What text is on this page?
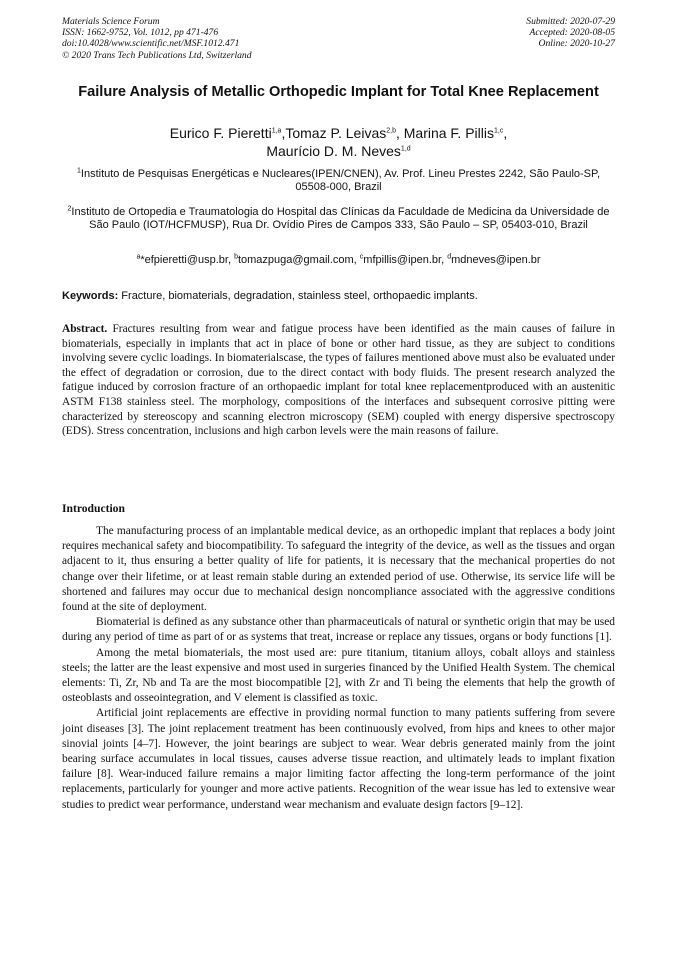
Materials Science Forum
ISSN: 1662-9752, Vol. 1012, pp 471-476
doi:10.4028/www.scientific.net/MSF.1012.471
© 2020 Trans Tech Publications Ltd, Switzerland
Submitted: 2020-07-29
Accepted: 2020-08-05
Online: 2020-10-27
Failure Analysis of Metallic Orthopedic Implant for Total Knee Replacement
Eurico F. Pieretti$^{1,a}$,Tomaz P. Leivas$^{2,b}$, Marina F. Pillis$^{1,c}$,
Maurício D. M. Neves$^{1,d}$
$^1$Instituto de Pesquisas Energéticas e Nucleares(IPEN/CNEN), Av. Prof. Lineu Prestes 2242, São Paulo-SP, 05508-000, Brazil
$^2$Instituto de Ortopedia e Traumatologia do Hospital das Clínicas da Faculdade de Medicina da Universidade de São Paulo (IOT/HCFMUSP), Rua Dr. Ovídio Pires de Campos 333, São Paulo – SP, 05403-010, Brazil
$^a$*efpieretti@usp.br, $^b$tomazpuga@gmail.com, $^c$mfpillis@ipen.br, $^d$mdneves@ipen.br
Keywords: Fracture, biomaterials, degradation, stainless steel, orthopaedic implants.

Abstract. Fractures resulting from wear and fatigue process have been identified as the main causes of failure in biomaterials, especially in implants that act in place of bone or other hard tissue, as they are subject to conditions involving severe cyclic loadings. In biomaterialscase, the types of failures mentioned above must also be evaluated under the effect of degradation or corrosion, due to the direct contact with body fluids. The present research analyzed the fatigue induced by corrosion fracture of an orthopaedic implant for total knee replacementproduced with an austenitic ASTM F138 stainless steel. The morphology, compositions of the interfaces and subsequent corrosive pitting were characterized by stereoscopy and scanning electron microscopy (SEM) coupled with energy dispersive spectroscopy (EDS). Stress concentration, inclusions and high carbon levels were the main reasons of failure.

Introduction

The manufacturing process of an implantable medical device, as an orthopedic implant that replaces a body joint requires mechanical safety and biocompatibility. To safeguard the integrity of the device, as well as the tissues and organ adjacent to it, thus ensuring a better quality of life for patients, it is necessary that the mechanical properties do not change over their lifetime, or at least remain stable during an extended period of use. Otherwise, its service life will be shortened and failures may occur due to mechanical design noncompliance associated with the aggressive conditions found at the site of deployment.

Biomaterial is defined as any substance other than pharmaceuticals of natural or synthetic origin that may be used during any period of time as part of or as systems that treat, increase or replace any tissues, organs or body functions [1].

Among the metal biomaterials, the most used are: pure titanium, titanium alloys, cobalt alloys and stainless steels; the latter are the least expensive and most used in surgeries financed by the Unified Health System. The chemical elements: Ti, Zr, Nb and Ta are the most biocompatible [2], with Zr and Ti being the elements that help the growth of osteoblasts and osseointegration, and V element is classified as toxic.

Artificial joint replacements are effective in providing normal function to many patients suffering from severe joint diseases [3]. The joint replacement treatment has been continuously evolved, from hips and knees to other major sinovial joints [4–7]. However, the joint bearings are subject to wear. Wear debris generated mainly from the joint bearing surface accumulates in local tissues, causes adverse tissue reaction, and ultimately leads to implant fixation failure [8]. Wear-induced failure remains a major limiting factor affecting the long-term performance of the joint replacements, particularly for younger and more active patients. Recognition of the wear issue has led to extensive wear studies to predict wear performance, understand wear mechanism and evaluate design factors [9–12].
